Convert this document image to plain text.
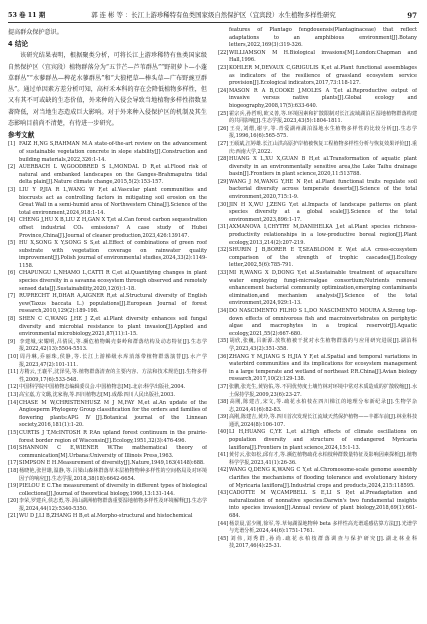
53 卷 11 期	郭 连 彬 等 ：长江上游珍稀特有鱼类国家级自然保护区（宜宾段）水生植物多样性研究	97

提高群众保护意识。

4 结论

该研究结果表明，根据聚类分析，可将长江上游珍稀特有鱼类国家级自然保护区（宜宾段）植物群落分为“五节芒—芦苇群丛”“野胡萝卜—小蓬草群丛”“水蓼群丛—稗花水蓼群丛”和“大狼杷草—棒头草—广布野豌豆群丛”。通过单因素方差分析可知，高杆禾本科的存在会降低植物多样性，但又有其不可或缺的生态价值，外来种的入侵会导致当地植物多样性指数显著降低，对当地生态造成巨大影响。对于外来种入侵保护区的机制及其生态影响目前尚不清楚，有待进一步研究。

参考文献
[1] FAIZ H,NG S,RAHMAN M.A state-of-the-art review on the advancement of sustainable vegetation concrete in slope stability[J].Construction and building materials,2022,326:1-14.
[2] AUERBACH L W,GOODBRED S L,MONDAL D R,et al.Flood risk of natural and embanked landscapes on the Ganges-Brahmaputra tidal delta plain[J].Nature climate change,2015,5(2):153-157.
[3] LIU Y P,JIA R L,WANG W F,et al.Vascular plant communities and biocrusts act as controlling factors in mitigating soil erosion on the Great Wall in a semi-humid area of Northwestern China[J].Science of the total environment,2024,918:1-14.
[4] CHENG J,HU X B,LIU Z H,GAN X T,et al.Can forest carbon sequestration offset industrial CO₂ emissions? A case study of Hubei Province,China[J].Journal of cleaner production,2023,426:139147.
[5] HU X,SONG X Y,SONG S S,et al.Effect of combinations of green roof substrate with vegetation coverage on rainwater quality improvement[J].Polish journal of environmental studies,2024,33(2):1149-1158.
[6] CHAPUNGU L,NHAMO L,CATTI R C,et al.Quantifying changes in plant species diversity in a savanna ecosystem through observed and remotely sensed data[J].Sustainability,2020,12(6):1-18.
[7] RUPRECHT H,DHAR A,AIGNER R,et al.Structural diversity of English yew(Taxus baccata L.) populations[J].European Journal of forest research,2010,129(2):189-198.
[8] SHEN C C,WANG J,HE J Z,et al.Plant diversity enhances soil fungal diversity and microbial resistance to plant invasion[J].Applied and environmental microbiology,2021,87(11):1-15.
[9] 李建城,宋耀明,吕倩民,等.濒危植物蝎壳秦岭和群落结构及动态特征[J].生态学报,2022,42(13):5504-5513.
[10]周丹琳,乔丽珠,侯静,等.长江上游梯级水库消落带植物群落演替[J].水产学报,2023,47(2):101-111.
[11]方精云,王襄平,沈泽昊,等.植物群落清查的主要内容、方法和技术规范[J].生物多样性,2009,17(6):533-548.
[12]中国科学院中国植物志编辑委员会.中国植物志[M].北京:科学出版社,2004.
[13]高宝嘉,方文璐,沈家驹,等.四川植物志[M].成都:四川人民出版社,2003.
[14]CHASE M W,CHRISTENHUSZ M J M,FAY M,et al.An update of the Angiosperm Phylogeny Group classification for the orders and families of flowering plants:APG Ⅳ[J].Botanical journal of the Linnean society,2016,181(1):1-20.
[15]CURTIS J T,McINTOSH R P.An upland forest continuum in the prairie-forest border region of Wisconsin[J].Ecology,1951,32(3):476-496.
[16]SHANNON C E,WIENER W.The mathematical theory of communication[M].Urbana:University of Illinois Press,1963.
[17]SIMPSON E H.Measurement of diversity[J].Nature,1949,163(4148):688.
[18]杨晓艳,张世雄,温静,等.吕梁山森林群落草本层植物物种多样性的空间格局及对环境因子的响应[J].生态学报,2018,38(18):6642-6654.
[19]PIELOU E C.The measurement of diversity in different types of biological collections[J].Journal of theoretical biology,1966,13:131-144.
[20]李荣,罗建兵,侯志勇,等.洞山湖洲植物群落重要湿地植物多样性及环境解释[J].生态学报,2024,44(12):5340-5350.
[21]WU D J,LI B,ZHANG H B,et al.Morpho-structural and histochemical
features of Plantago fengdouensis(Plantaginaceae) that reflect adaptations to an amphibious environment[J].Botany letters,2022,169(3):319-326.
[22]WILLIAMSON M H.Biological invasions[M].London:Chapman and Hall,1996.
[23]KOHLER M,DEVAUX C,GRIGULIS K,et al.Plant functional assemblages as indicators of the resilience of grassland ecosystem service provision[J].Ecological indicators,2017,73:118-127.
[24]MASON R A B,COOKE J,MOLES A T,et al.Reproductive output of invasive versus native plants[J].Global ecology and biogeography,2008,17(5):633-640.
[25]霍宗兵,孙哲明,欧义善,等.环境因素和扩散限制对长江流域湖泊区湿地植物群落构建的共同影响[J].生态学报,2023,43(5):1804-1811.
[26]王亮,刘熠,谢宇,等.青爱湖州湖泊湿地水生植物多样性的比较分析[J].生态学报,1996,16(6):565-575.
[27]王硕斌,江婷雄.长江山洪高原护岸植被恢复工程植物多样性分析与恢复效果评价[J].重庆:西南大学,2022.
[28]HUANG X L,XU X,GUAN B H,et al.Transformation of aquatic plant diversity in an environmentally sensitive area,the Lake Taihu drainage basin[J].Frontiers in plant science,2020,11:513788.
[29]WANG J M,WANG Y,HE N P,et al.Plant functional traits regulate soil bacterial diversity across temperate deserts[J].Science of the total environment,2020,715:1-9.
[30]JIN H X,WU J,ZENG Y,et al.Impacts of landscape patterns on plant species diversity at a global scale[J].Science of the total environment,2023,896:1-17.
[31]AXMANOVA I,CHYTRY M,DANIHELKA J,et al.Plant species richness-productivity relationships in a low-productive boreal region[J].Plant ecology,2013,214(2):207-219.
[32]SHURIN J B,BORER E T,SEABLOOM E W,et al.A cross-ecosystem comparison of the strength of trophic cascades[J].Ecology letter,2002,5(6):785-791.
[33]MI R,WANG X D,DONG Y,et al.Sustainable treatment of aquaculture water employing fungi-microalgae consortium;Nutrients removal enhancement bacterial community optimization,emerging contaminants elimination,and mechanism analysis[J].Science of the total environment,2024,929:1-13.
[34]DO NASCIMENTO FILHO S L,DO NASCIMENTO MOURA A.Strong top-down effects of omnivorous fish and macroinvertebrates on periphytic algae and macrophytes in a tropical reservoir[J].Aquatic ecology,2021,55(2):667-680.
[35]胡欣,张巍,吕新源.放牧植被干扰对水生植物群落的与应用研究进展[J].湖泊科学,2023,43(2):351-358.
[36]ZHANG Y M,JIANG S H,JIA Y F,et al.Spatial and temporal variations in waterbird communities and its implications for ecosystem management in a large temperate and wetland of northeast P.R.China[J].Avian biology research,2017,10(2):129-138.
[37]张鹏,张光生,黄钧佑,等.不同优势度土壤竹林对环境中常对木质造成的扩散收缩[J].水土保持学报,2009,23(6):23-27.
[38]高刚,陈建吉,宋文,等.疏花水柏枝在四川梯江的地理分布新纪录[J].生物学杂志,2024,41(6):82-83.
[39]高刚,陈建吉,黄玲,等.四川首次发现长江流域天然保护植物——丰都车前[J].林业科技通讯,2024(8):106-107.
[40]LI H,HUANG C,YE L,et al.High effects of climate oscillations on population diversity and structure of endangered Myricaria laxiflora[J].Frontiers in plant science,2024,15:1-13.
[41]黄付云,张如松,邱有才,等.濒危植物疏花水柏枝种群数量特征及影响因素探析[J].植物科学学报,2023,41(1):26-36.
[42]WANG Q,DENG K,WANG C Y,et al.Chromosome-scale genome assembly clarifies the mechanisms of flooding tolerance and evolutionary history of Myricaria laxiflora[J].Industrial crops and products,2024,215:118595.
[43]CADOTTE M W,CAMPBELL S E,LI S P,et al.Preadaptation and naturalization of nonnative species:Darwin's two fundamental insights into species invasion[J].Annual review of plant biology,2018,69(1):661-684.
[44]杨景晨,雷少刚,徐军,等.草甸湖湿地物种 beta 多样性高光谱遥感估算方法[J].光谱学与光谱分析,2024,44(6):1751-1761.
[45]刘伟,刘秀群,孙尚.疏花水柏枝群落调查与保护研究[J].湖北林业科技,2017,46(4):25-31.
